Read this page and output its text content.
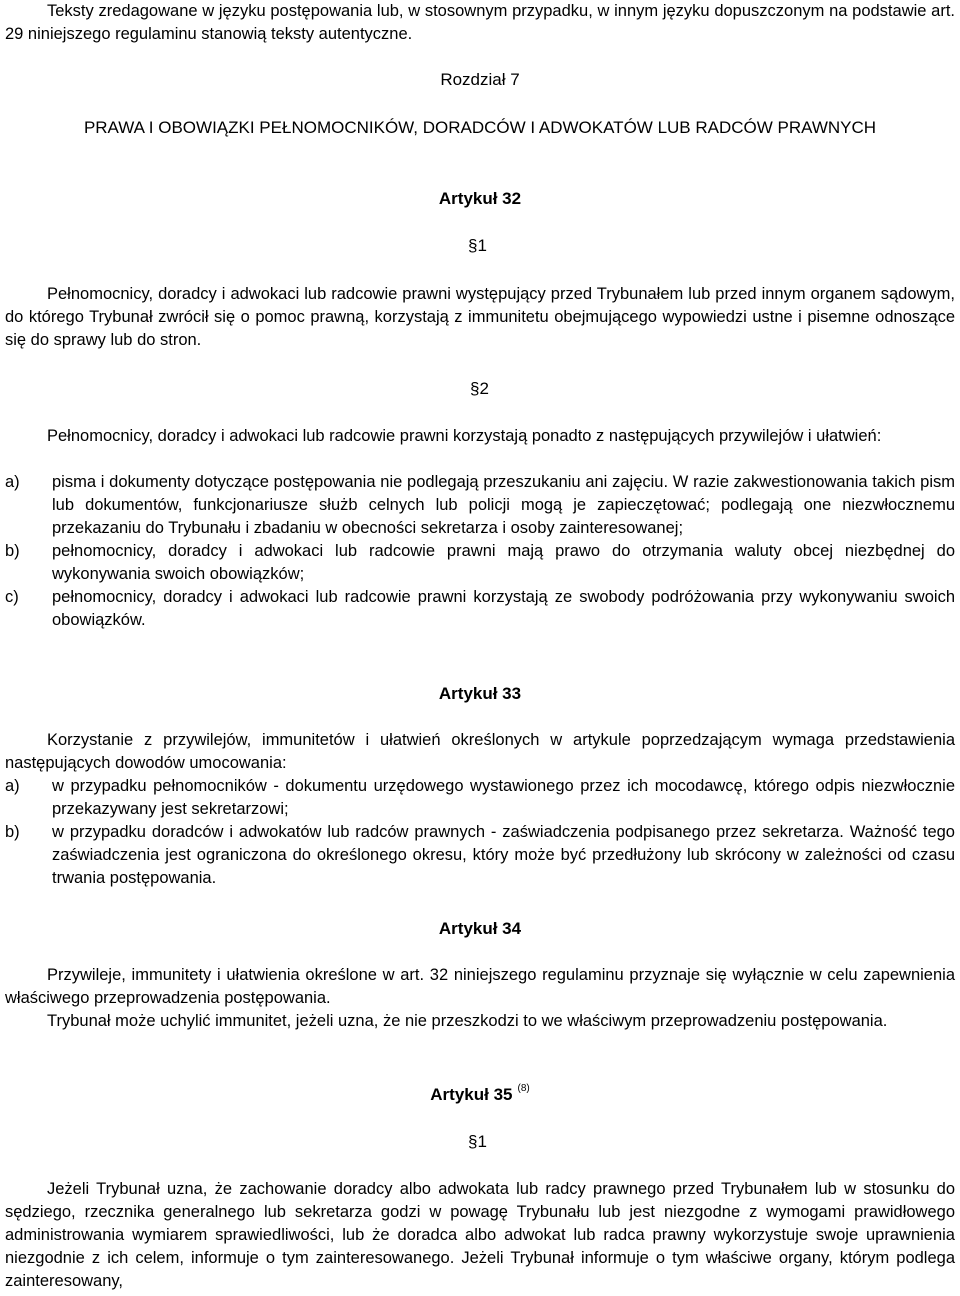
Teksty zredagowane w języku postępowania lub, w stosownym przypadku, w innym języku dopuszczonym na podstawie art. 29 niniejszego regulaminu stanowią teksty autentyczne.

Rozdział 7

PRAWA I OBOWIĄZKI PEŁNOMOCNIKÓW, DORADCÓW I ADWOKATÓW LUB RADCÓW PRAWNYCH

Artykuł 32

§1

Pełnomocnicy, doradcy i adwokaci lub radcowie prawni występujący przed Trybunałem lub przed innym organem sądowym, do którego Trybunał zwrócił się o pomoc prawną, korzystają z immunitetu obejmującego wypowiedzi ustne i pisemne odnoszące się do sprawy lub do stron.

§2

Pełnomocnicy, doradcy i adwokaci lub radcowie prawni korzystają ponadto z następujących przywilejów i ułatwień:

a)	pisma i dokumenty dotyczące postępowania nie podlegają przeszukaniu ani zajęciu. W razie zakwestionowania takich pism lub dokumentów, funkcjonariusze służb celnych lub policji mogą je zapieczętować; podlegają one niezwłocznemu przekazaniu do Trybunału i zbadaniu w obecności sekretarza i osoby zainteresowanej;
b)	pełnomocnicy, doradcy i adwokaci lub radcowie prawni mają prawo do otrzymania waluty obcej niezbędnej do wykonywania swoich obowiązków;
c)	pełnomocnicy, doradcy i adwokaci lub radcowie prawni korzystają ze swobody podróżowania przy wykonywaniu swoich obowiązków.

Artykuł 33

Korzystanie z przywilejów, immunitetów i ułatwień określonych w artykule poprzedzającym wymaga przedstawienia następujących dowodów umocowania:

a)	w przypadku pełnomocników - dokumentu urzędowego wystawionego przez ich mocodawcę, którego odpis niezwłocznie przekazywany jest sekretarzowi;
b)	w przypadku doradców i adwokatów lub radców prawnych - zaświadczenia podpisanego przez sekretarza. Ważność tego zaświadczenia jest ograniczona do określonego okresu, który może być przedłużony lub skrócony w zależności od czasu trwania postępowania.

Artykuł 34

Przywileje, immunitety i ułatwienia określone w art. 32 niniejszego regulaminu przyznaje się wyłącznie w celu zapewnienia właściwego przeprowadzenia postępowania.

Trybunał może uchylić immunitet, jeżeli uzna, że nie przeszkodzi to we właściwym przeprowadzeniu postępowania.

Artykuł 35 $^{(8)}$

§1

Jeżeli Trybunał uzna, że zachowanie doradcy albo adwokata lub radcy prawnego przed Trybunałem lub w stosunku do sędziego, rzecznika generalnego lub sekretarza godzi w powagę Trybunału lub jest niezgodne z wymogami prawidłowego administrowania wymiarem sprawiedliwości, lub że doradca albo adwokat lub radca prawny wykorzystuje swoje uprawnienia niezgodnie z ich celem, informuje o tym zainteresowanego. Jeżeli Trybunał informuje o tym właściwe organy, którym podlega zainteresowany,
